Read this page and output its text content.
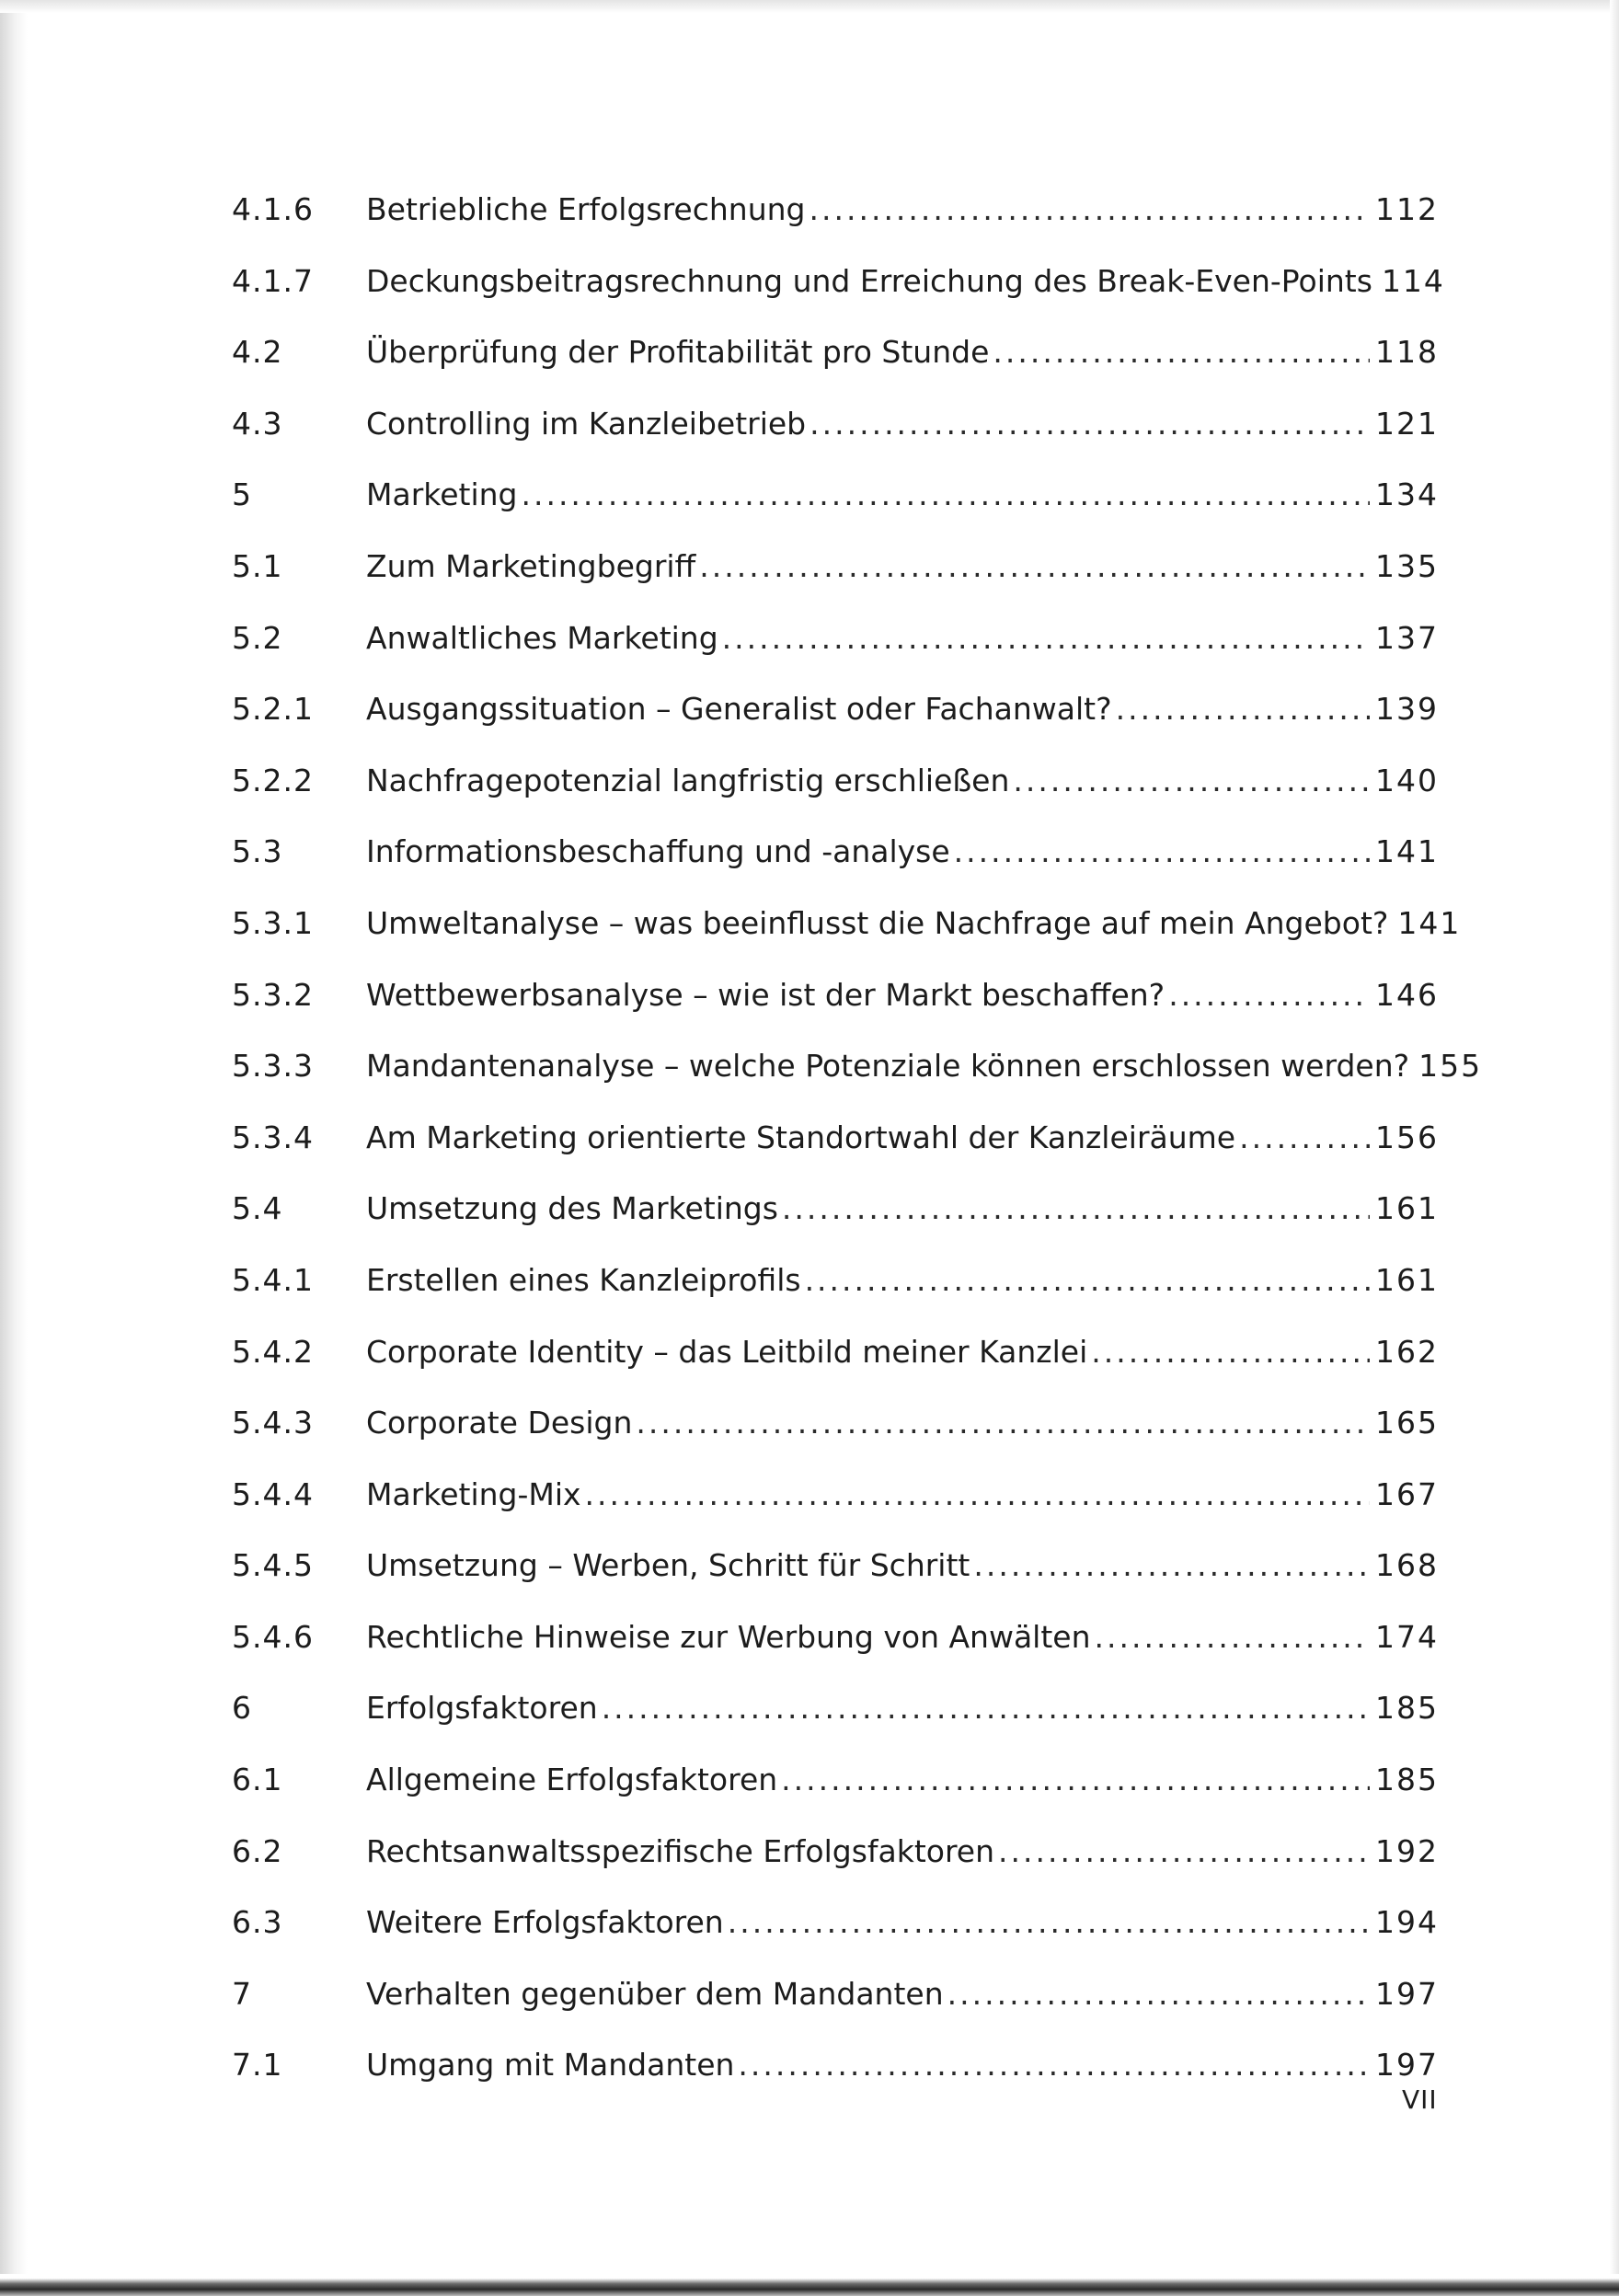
4.1.6	Betriebliche Erfolgsrechnung .....	112
4.1.7	Deckungsbeitragsrechnung und Erreichung des Break-Even-Points 114
4.2	Überprüfung der Profitabilität pro Stunde .....	118
4.3	Controlling im Kanzleibetrieb .....	121
5	Marketing .....	134
5.1	Zum Marketingbegriff .....	135
5.2	Anwaltliches Marketing .....	137
5.2.1	Ausgangssituation – Generalist oder Fachanwalt? .....	139
5.2.2	Nachfragepotenzial langfristig erschließen .....	140
5.3	Informationsbeschaffung und -analyse .....	141
5.3.1	Umweltanalyse – was beeinflusst die Nachfrage auf mein Angebot? 141
5.3.2	Wettbewerbsanalyse – wie ist der Markt beschaffen? .....	146
5.3.3	Mandantenanalyse – welche Potenziale können erschlossen werden? 155
5.3.4	Am Marketing orientierte Standortwahl der Kanzleiräume .....	156
5.4	Umsetzung des Marketings .....	161
5.4.1	Erstellen eines Kanzleiprofils .....	161
5.4.2	Corporate Identity – das Leitbild meiner Kanzlei .....	162
5.4.3	Corporate Design .....	165
5.4.4	Marketing-Mix .....	167
5.4.5	Umsetzung – Werben, Schritt für Schritt .....	168
5.4.6	Rechtliche Hinweise zur Werbung von Anwälten .....	174
6	Erfolgsfaktoren .....	185
6.1	Allgemeine Erfolgsfaktoren .....	185
6.2	Rechtsanwaltsspezifische Erfolgsfaktoren .....	192
6.3	Weitere Erfolgsfaktoren .....	194
7	Verhalten gegenüber dem Mandanten .....	197
7.1	Umgang mit Mandanten .....	197
VII
